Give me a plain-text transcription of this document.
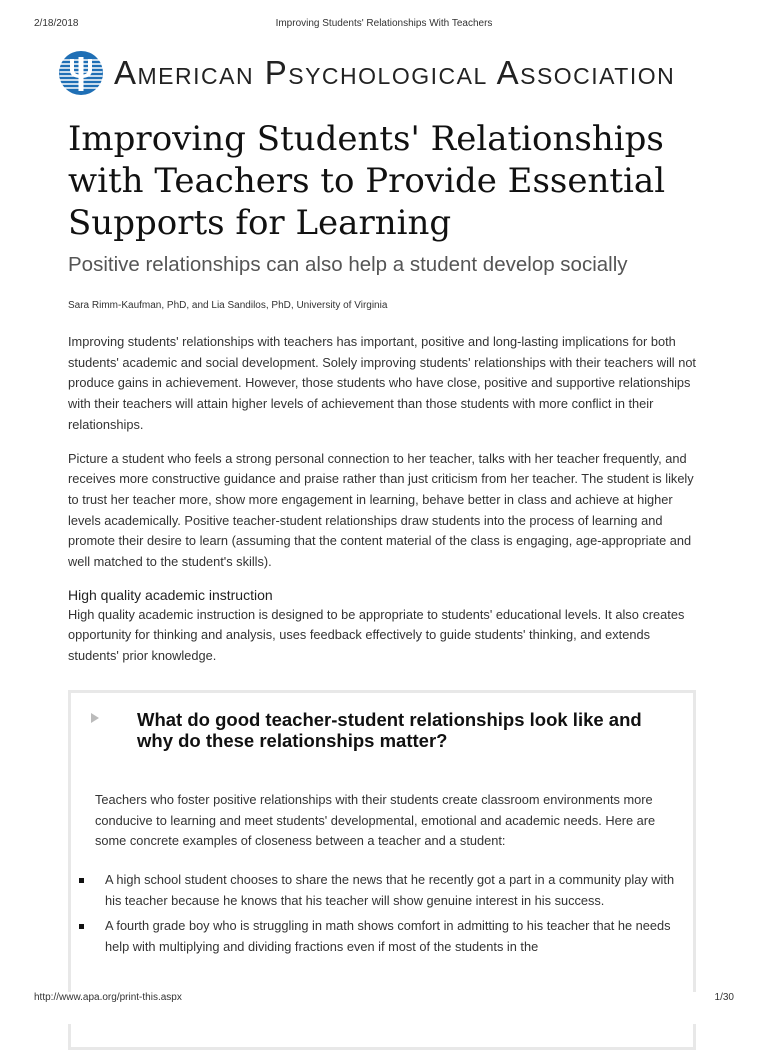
2/18/2018	Improving Students' Relationships With Teachers
American Psychological Association
Improving Students' Relationships with Teachers to Provide Essential Supports for Learning
Positive relationships can also help a student develop socially
Sara Rimm-Kaufman, PhD, and Lia Sandilos, PhD, University of Virginia

Improving students' relationships with teachers has important, positive and long-lasting implications for both students' academic and social development. Solely improving students' relationships with their teachers will not produce gains in achievement. However, those students who have close, positive and supportive relationships with their teachers will attain higher levels of achievement than those students with more conflict in their relationships.

Picture a student who feels a strong personal connection to her teacher, talks with her teacher frequently, and receives more constructive guidance and praise rather than just criticism from her teacher. The student is likely to trust her teacher more, show more engagement in learning, behave better in class and achieve at higher levels academically. Positive teacher-student relationships draw students into the process of learning and promote their desire to learn (assuming that the content material of the class is engaging, age-appropriate and well matched to the student's skills).

High quality academic instruction
High quality academic instruction is designed to be appropriate to students' educational levels. It also creates opportunity for thinking and analysis, uses feedback effectively to guide students' thinking, and extends students' prior knowledge.
What do good teacher-student relationships look like and why do these relationships matter?
Teachers who foster positive relationships with their students create classroom environments more conducive to learning and meet students' developmental, emotional and academic needs. Here are some concrete examples of closeness between a teacher and a student:
A high school student chooses to share the news that he recently got a part in a community play with his teacher because he knows that his teacher will show genuine interest in his success.
A fourth grade boy who is struggling in math shows comfort in admitting to his teacher that he needs help with multiplying and dividing fractions even if most of the students in the
http://www.apa.org/print-this.aspx	1/30
